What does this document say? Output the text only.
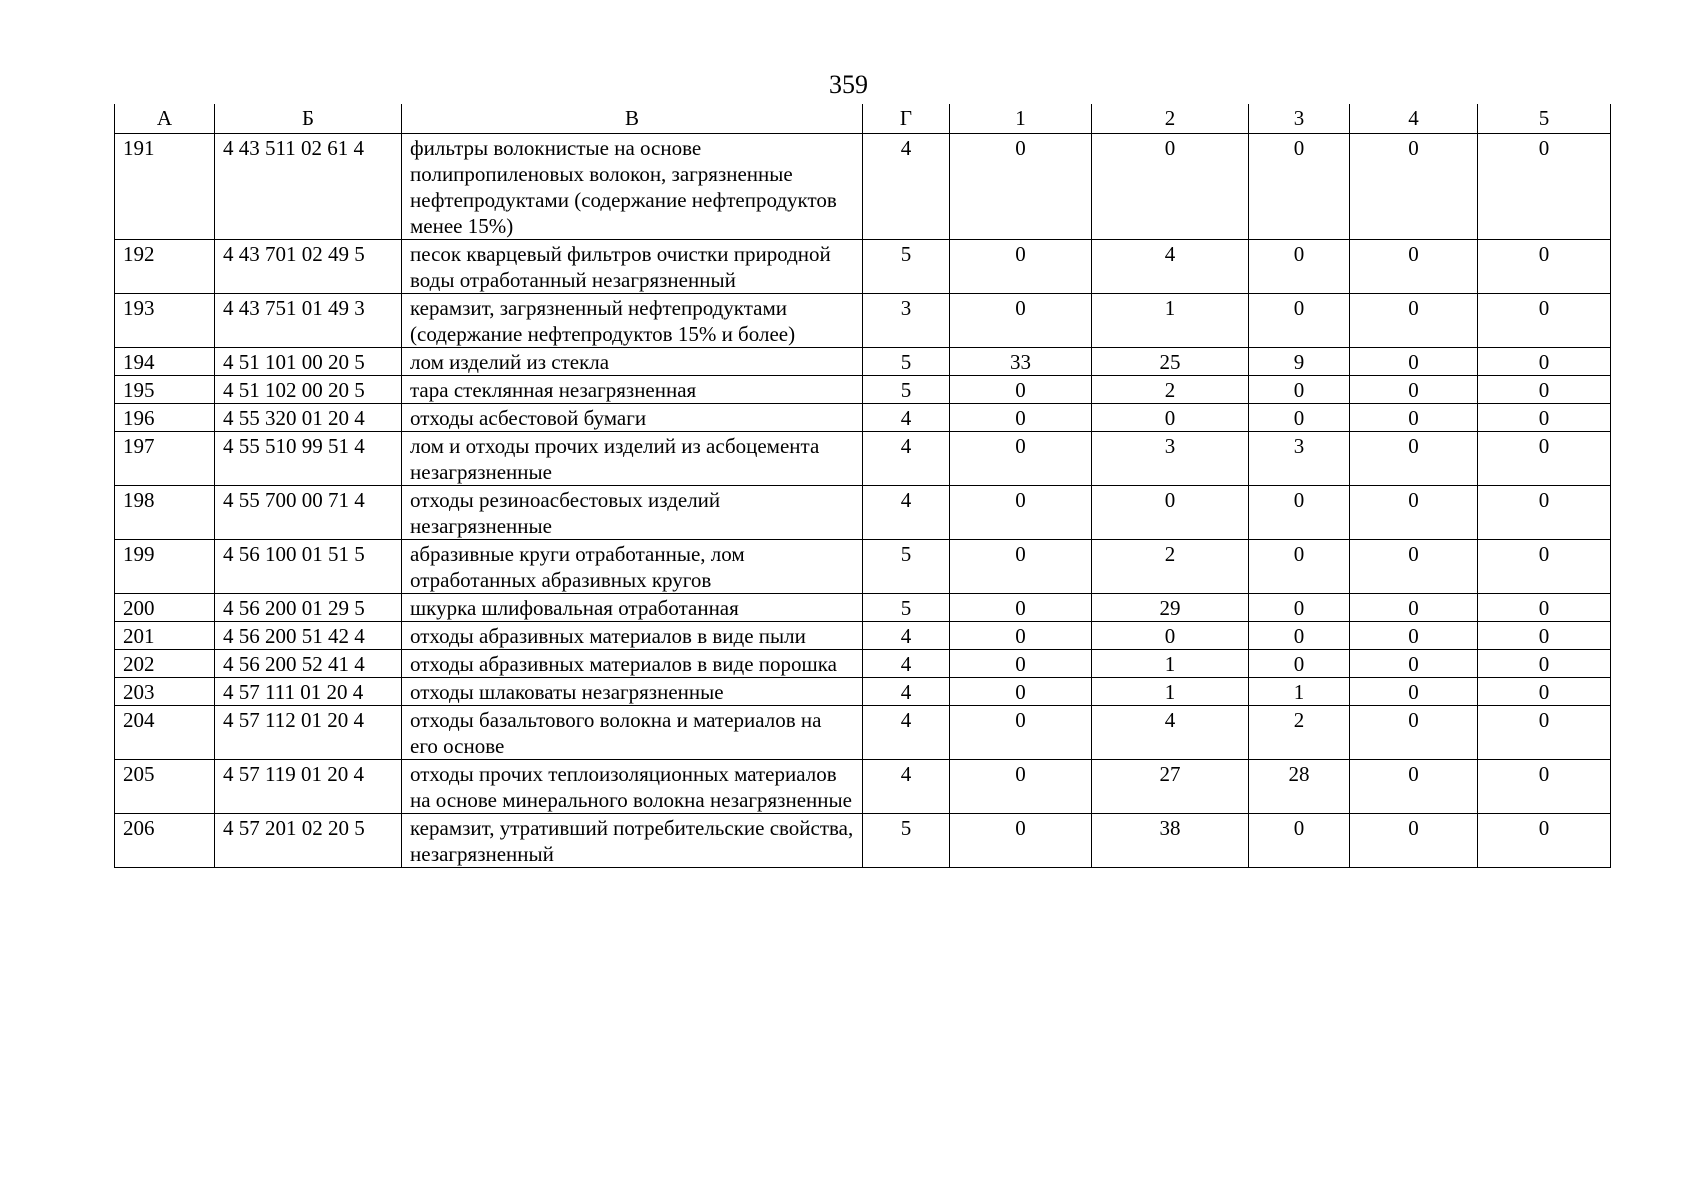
359
А	Б	В	Г	1	2	3	4	5
191	4 43 511 02 61 4	фильтры волокнистые на основе полипропиленовых волокон, загрязненные нефтепродуктами (содержание нефтепродуктов менее 15%)	4	0	0	0	0	0
192	4 43 701 02 49 5	песок кварцевый фильтров очистки природной воды отработанный незагрязненный	5	0	4	0	0	0
193	4 43 751 01 49 3	керамзит, загрязненный нефтепродуктами (содержание нефтепродуктов 15% и более)	3	0	1	0	0	0
194	4 51 101 00 20 5	лом изделий из стекла	5	33	25	9	0	0
195	4 51 102 00 20 5	тара стеклянная незагрязненная	5	0	2	0	0	0
196	4 55 320 01 20 4	отходы асбестовой бумаги	4	0	0	0	0	0
197	4 55 510 99 51 4	лом и отходы прочих изделий из асбоцемента незагрязненные	4	0	3	3	0	0
198	4 55 700 00 71 4	отходы резиноасбестовых изделий незагрязненные	4	0	0	0	0	0
199	4 56 100 01 51 5	абразивные круги отработанные, лом отработанных абразивных кругов	5	0	2	0	0	0
200	4 56 200 01 29 5	шкурка шлифовальная отработанная	5	0	29	0	0	0
201	4 56 200 51 42 4	отходы абразивных материалов в виде пыли	4	0	0	0	0	0
202	4 56 200 52 41 4	отходы абразивных материалов в виде порошка	4	0	1	0	0	0
203	4 57 111 01 20 4	отходы шлаковаты незагрязненные	4	0	1	1	0	0
204	4 57 112 01 20 4	отходы базальтового волокна и материалов на его основе	4	0	4	2	0	0
205	4 57 119 01 20 4	отходы прочих теплоизоляционных материалов на основе минерального волокна незагрязненные	4	0	27	28	0	0
206	4 57 201 02 20 5	керамзит, утративший потребительские свойства, незагрязненный	5	0	38	0	0	0
